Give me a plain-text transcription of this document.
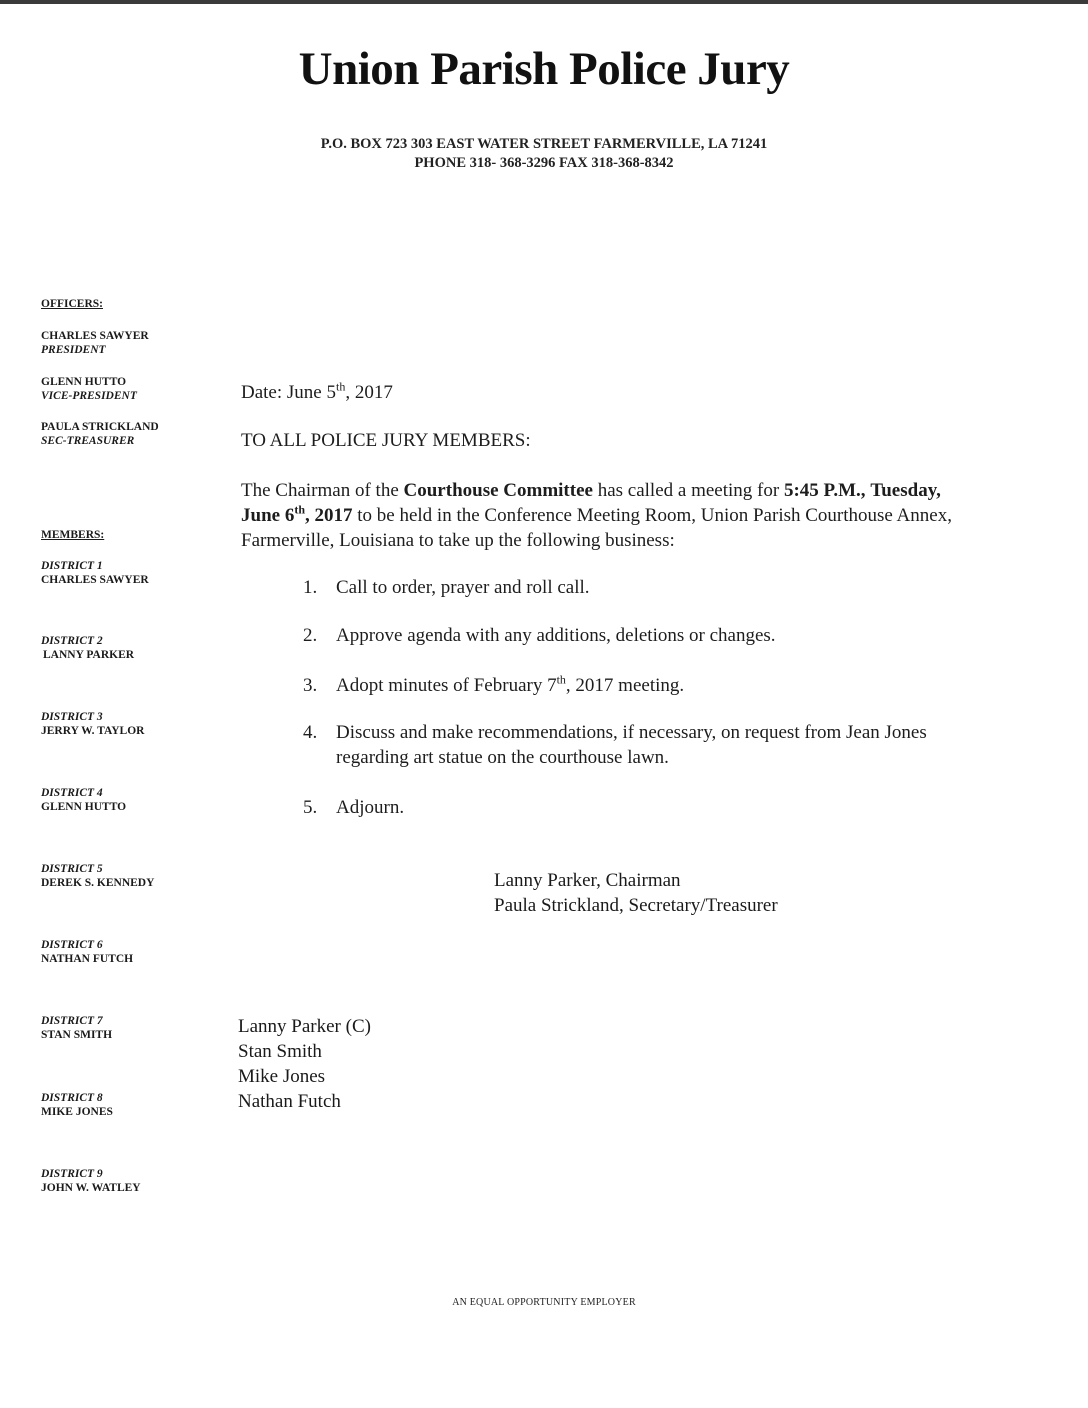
Union Parish Police Jury
P.O. BOX 723 303 EAST WATER STREET FARMERVILLE, LA 71241
PHONE 318- 368-3296 FAX 318-368-8342
OFFICERS:
CHARLES SAWYER
PRESIDENT
GLENN HUTTO
VICE-PRESIDENT
PAULA STRICKLAND
SEC-TREASURER
MEMBERS:
DISTRICT 1
CHARLES SAWYER
DISTRICT 2
LANNY PARKER
DISTRICT 3
JERRY W. TAYLOR
DISTRICT 4
GLENN HUTTO
DISTRICT 5
DEREK S. KENNEDY
DISTRICT 6
NATHAN FUTCH
DISTRICT 7
STAN SMITH
DISTRICT 8
MIKE JONES
DISTRICT 9
JOHN W. WATLEY
Date: June 5th, 2017
TO ALL POLICE JURY MEMBERS:
The Chairman of the Courthouse Committee has called a meeting for 5:45 P.M., Tuesday, June 6th, 2017 to be held in the Conference Meeting Room, Union Parish Courthouse Annex, Farmerville, Louisiana to take up the following business:
1. Call to order, prayer and roll call.
2. Approve agenda with any additions, deletions or changes.
3. Adopt minutes of February 7th, 2017 meeting.
4. Discuss and make recommendations, if necessary, on request from Jean Jones regarding art statue on the courthouse lawn.
5. Adjourn.
Lanny Parker, Chairman
Paula Strickland, Secretary/Treasurer
Lanny Parker (C)
Stan Smith
Mike Jones
Nathan Futch
AN EQUAL OPPORTUNITY EMPLOYER
